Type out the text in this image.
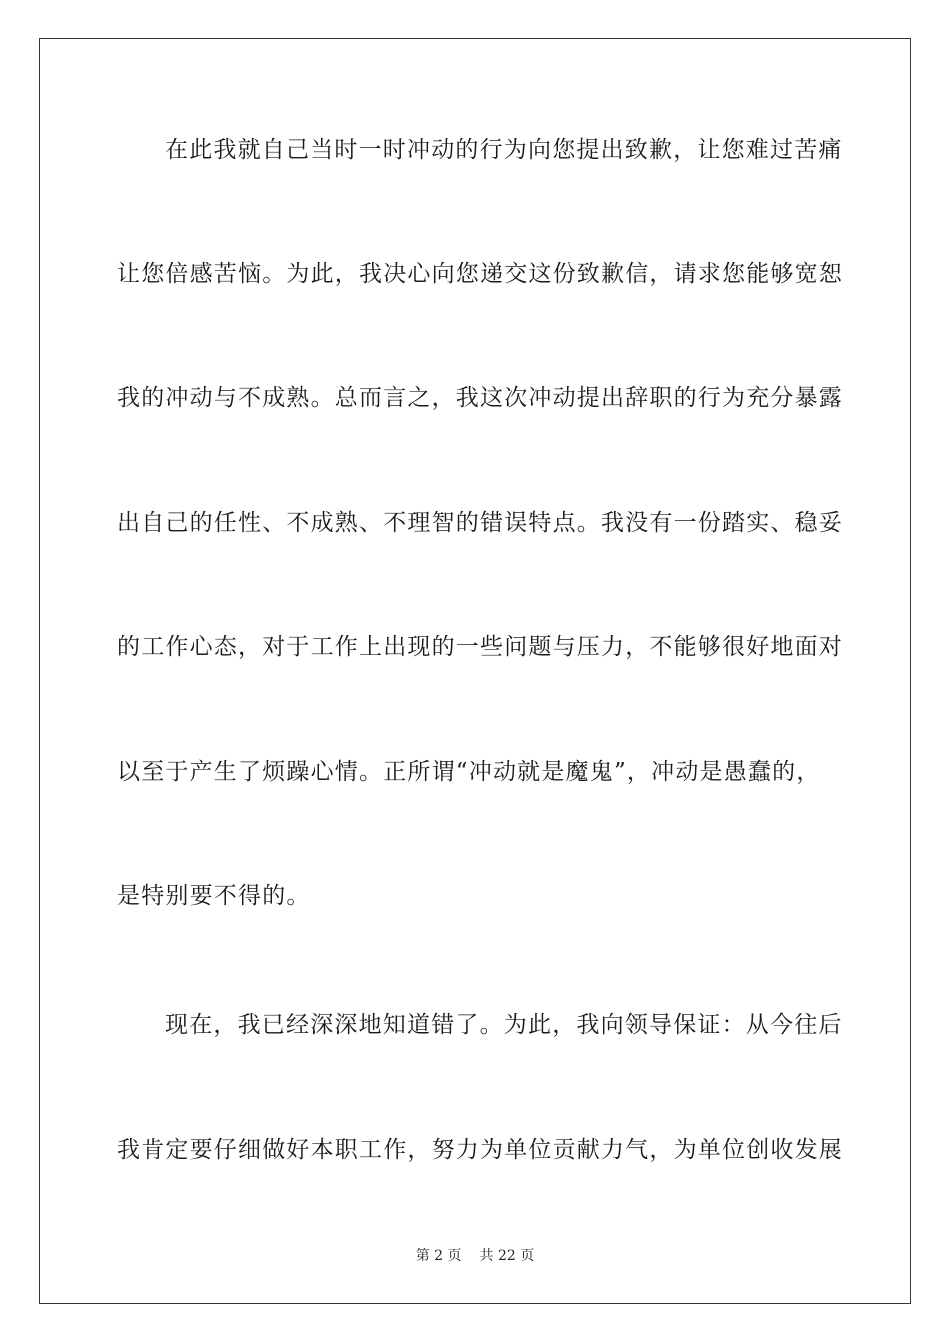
在此我就自己当时一时冲动的行为向您提出致歉，让您难过苦痛
让您倍感苦恼。为此，我决心向您递交这份致歉信，请求您能够宽恕
我的冲动与不成熟。总而言之，我这次冲动提出辞职的行为充分暴露
出自己的任性、不成熟、不理智的错误特点。我没有一份踏实、稳妥
的工作心态，对于工作上出现的一些问题与压力，不能够很好地面对
以至于产生了烦躁心情。正所谓“冲动就是魔鬼”，冲动是愚蠢的，
是特别要不得的。
现在，我已经深深地知道错了。为此，我向领导保证：从今往后
我肯定要仔细做好本职工作，努力为单位贡献力气，为单位创收发展
第 2 页 共 22 页
